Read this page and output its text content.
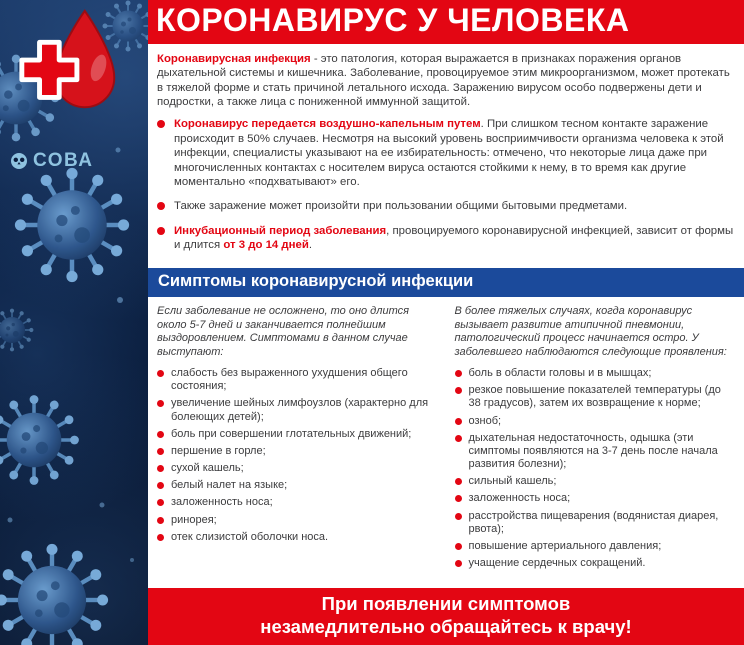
СОВА
КОРОНАВИРУС У ЧЕЛОВЕКА

Коронавирусная инфекция - это патология, которая выражается в признаках поражения органов дыхательной системы и кишечника. Заболевание, провоцируемое этим микроорганизмом, может протекать в тяжелой форме и стать причиной летального исхода. Заражению вирусом особо подвержены дети и подростки, а также лица с пониженной иммунной защитой.

Коронавирус передается воздушно-капельным путем. При слишком тесном контакте заражение происходит в 50% случаев. Несмотря на высокий уровень восприимчивости организма человека к этой инфекции, специалисты указывают на ее избирательность: отмечено, что некоторые лица даже при многочисленных контактах с носителем вируса остаются стойкими к нему, в то время как другие моментально «подхватывают» его.

Также заражение может произойти при пользовании общими бытовыми предметами.

Инкубационный период заболевания, провоцируемого коронавирусной инфекцией, зависит от формы и длится от 3 до 14 дней.

Симптомы коронавирусной инфекции

Если заболевание не осложнено, то оно длится около 5-7 дней и заканчивается полнейшим выздоровлением. Симптомами в данном случае выступают:

слабость без выраженного ухудшения общего состояния;
увеличение шейных лимфоузлов (характерно для болеющих детей);
боль при совершении глотательных движений;
першение в горле;
сухой кашель;
белый налет на языке;
заложенность носа;
ринорея;
отек слизистой оболочки носа.

В более тяжелых случаях, когда коронавирус вызывает развитие атипичной пневмонии, патологический процесс начинается остро. У заболевшего наблюдаются следующие проявления:

боль в области головы и в мышцах;
резкое повышение показателей температуры (до 38 градусов), затем их возвращение к норме;
озноб;
дыхательная недостаточность, одышка (эти симптомы появляются на 3-7 день после начала развития болезни);
сильный кашель;
заложенность носа;
расстройства пищеварения (водянистая диарея, рвота);
повышение артериального давления;
учащение сердечных сокращений.
При появлении симптомов
незамедлительно обращайтесь к врачу!
